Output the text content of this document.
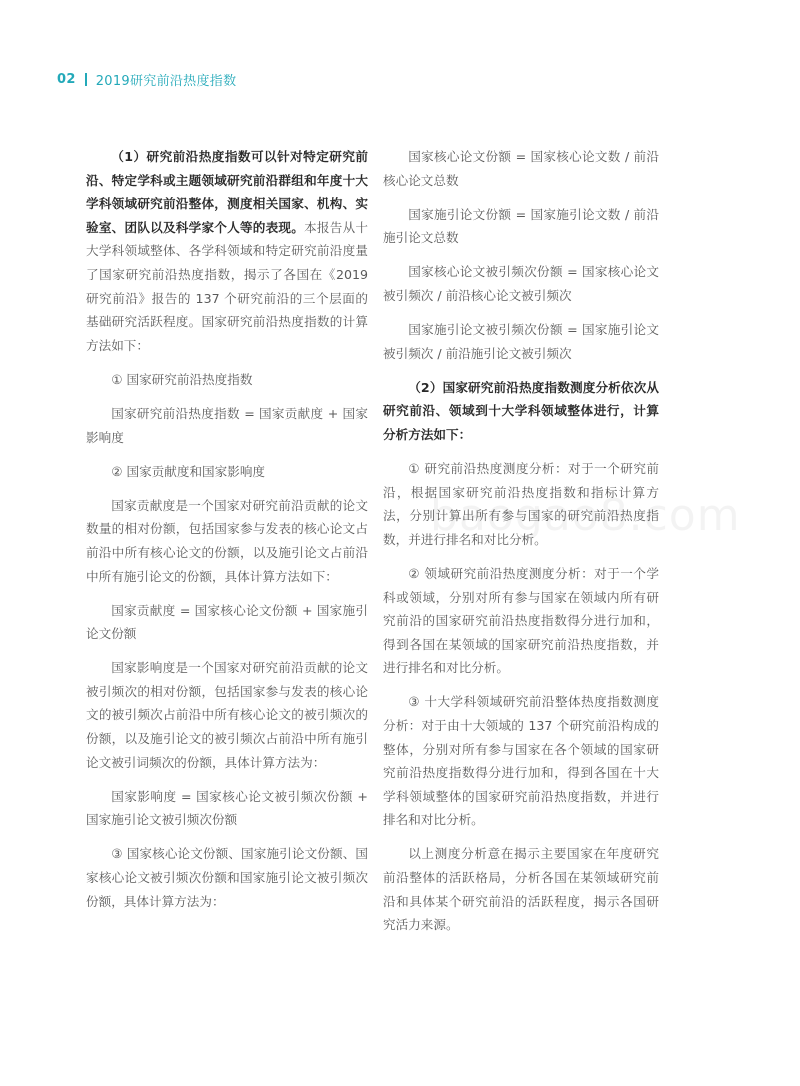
02 2019研究前沿热度指数

（1）研究前沿热度指数可以针对特定研究前沿、特定学科或主题领域研究前沿群组和年度十大学科领域研究前沿整体，测度相关国家、机构、实验室、团队以及科学家个人等的表现。本报告从十大学科领域整体、各学科领域和特定研究前沿度量了国家研究前沿热度指数，揭示了各国在《2019 研究前沿》报告的 137 个研究前沿的三个层面的基础研究活跃程度。国家研究前沿热度指数的计算方法如下：

① 国家研究前沿热度指数

国家研究前沿热度指数 = 国家贡献度 + 国家影响度

② 国家贡献度和国家影响度

国家贡献度是一个国家对研究前沿贡献的论文数量的相对份额，包括国家参与发表的核心论文占前沿中所有核心论文的份额，以及施引论文占前沿中所有施引论文的份额，具体计算方法如下：

国家贡献度 = 国家核心论文份额 + 国家施引论文份额

国家影响度是一个国家对研究前沿贡献的论文被引频次的相对份额，包括国家参与发表的核心论文的被引频次占前沿中所有核心论文的被引频次的份额，以及施引论文的被引频次占前沿中所有施引论文被引词频次的份额，具体计算方法为：

国家影响度 = 国家核心论文被引频次份额 + 国家施引论文被引频次份额

③ 国家核心论文份额、国家施引论文份额、国家核心论文被引频次份额和国家施引论文被引频次份额，具体计算方法为：

国家核心论文份额 = 国家核心论文数 / 前沿核心论文总数

国家施引论文份额 = 国家施引论文数 / 前沿施引论文总数

国家核心论文被引频次份额 = 国家核心论文被引频次 / 前沿核心论文被引频次

国家施引论文被引频次份额 = 国家施引论文被引频次 / 前沿施引论文被引频次

（2）国家研究前沿热度指数测度分析依次从研究前沿、领域到十大学科领域整体进行，计算分析方法如下：

① 研究前沿热度测度分析：对于一个研究前沿，根据国家研究前沿热度指数和指标计算方法，分别计算出所有参与国家的研究前沿热度指数，并进行排名和对比分析。

② 领域研究前沿热度测度分析：对于一个学科或领域，分别对所有参与国家在领域内所有研究前沿的国家研究前沿热度指数得分进行加和，得到各国在某领域的国家研究前沿热度指数，并进行排名和对比分析。

③ 十大学科领域研究前沿整体热度指数测度分析：对于由十大领域的 137 个研究前沿构成的整体，分别对所有参与国家在各个领域的国家研究前沿热度指数得分进行加和，得到各国在十大学科领域整体的国家研究前沿热度指数，并进行排名和对比分析。

以上测度分析意在揭示主要国家在年度研究前沿整体的活跃格局，分析各国在某领域研究前沿和具体某个研究前沿的活跃程度，揭示各国研究活力来源。
